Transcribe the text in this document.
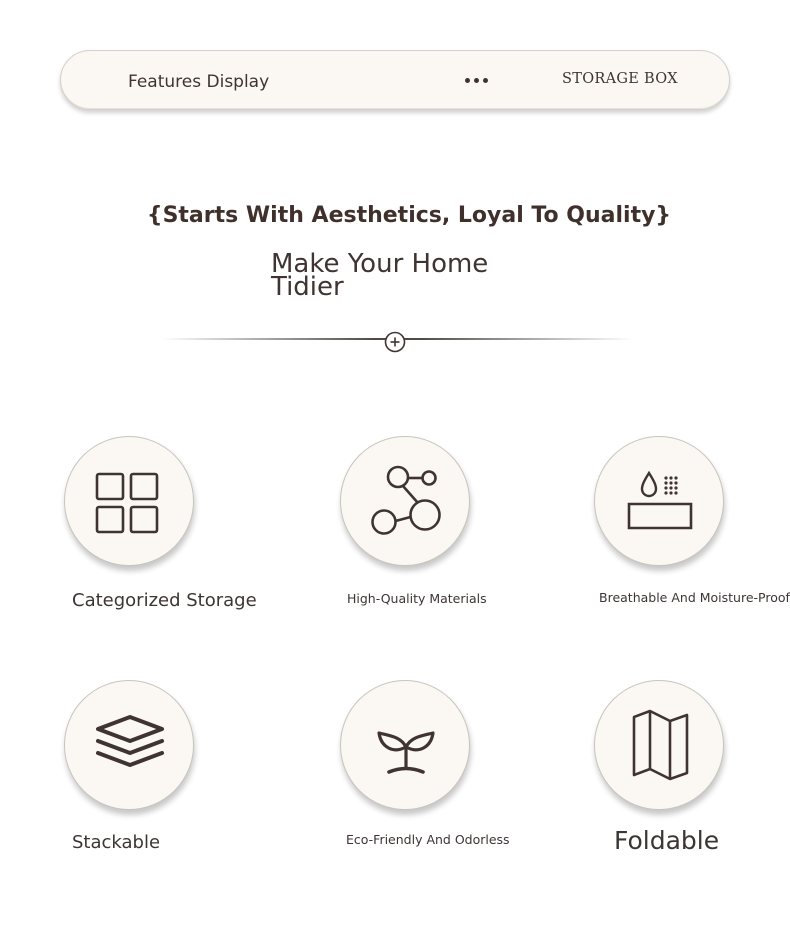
Features Display	STORAGE BOX
{Starts With Aesthetics, Loyal To Quality}
Make Your Home Tidier
Categorized Storage	High-Quality Materials	Breathable And Moisture-Proof
Stackable	Eco-Friendly And Odorless	Foldable
